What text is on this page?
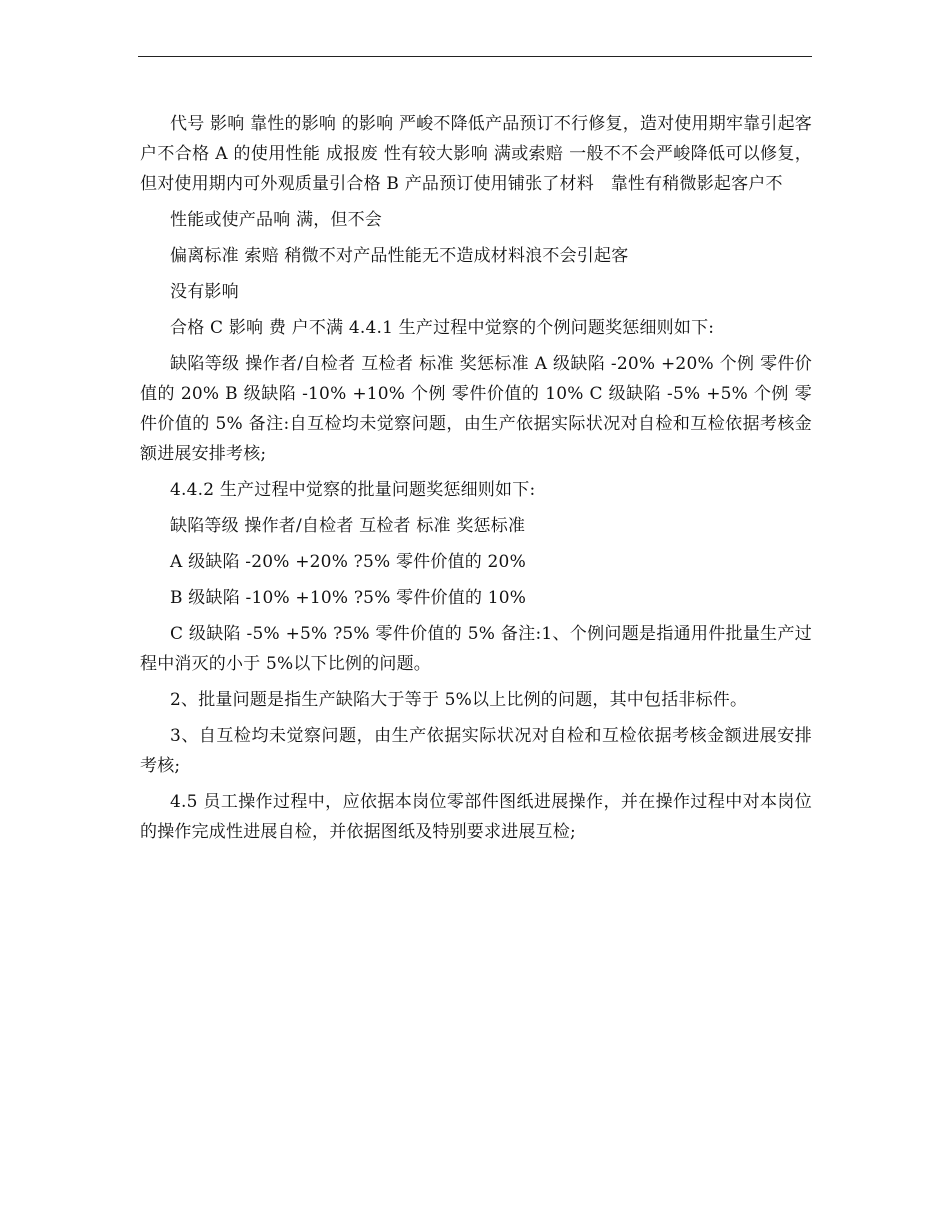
代号 影响 靠性的影响 的影响 严峻不降低产品预订不行修复，造对使用期牢靠引起客户不合格 A 的使用性能 成报废 性有较大影响 满或索赔 一般不不会严峻降低可以修复，但对使用期内可外观质量引合格 B 产品预订使用铺张了材料   靠性有稍微影起客户不

性能或使产品响 满，但不会

偏离标准 索赔 稍微不对产品性能无不造成材料浪不会引起客

没有影响

合格 C 影响 费 户不满 4.4.1 生产过程中觉察的个例问题奖惩细则如下:

缺陷等级 操作者/自检者 互检者 标准 奖惩标准 A 级缺陷 -20% +20% 个例 零件价值的 20% B 级缺陷 -10% +10% 个例 零件价值的 10% C 级缺陷 -5% +5% 个例 零件价值的 5% 备注:自互检均未觉察问题，由生产依据实际状况对自检和互检依据考核金额进展安排考核;

4.4.2 生产过程中觉察的批量问题奖惩细则如下:

缺陷等级 操作者/自检者 互检者 标准 奖惩标准

A 级缺陷 -20% +20% ?5% 零件价值的 20%

B 级缺陷 -10% +10% ?5% 零件价值的 10%

C 级缺陷 -5% +5% ?5% 零件价值的 5% 备注:1、个例问题是指通用件批量生产过程中消灭的小于 5%以下比例的问题。

2、批量问题是指生产缺陷大于等于 5%以上比例的问题，其中包括非标件。

3、自互检均未觉察问题，由生产依据实际状况对自检和互检依据考核金额进展安排考核;

4.5 员工操作过程中，应依据本岗位零部件图纸进展操作，并在操作过程中对本岗位的操作完成性进展自检，并依据图纸及特别要求进展互检;
